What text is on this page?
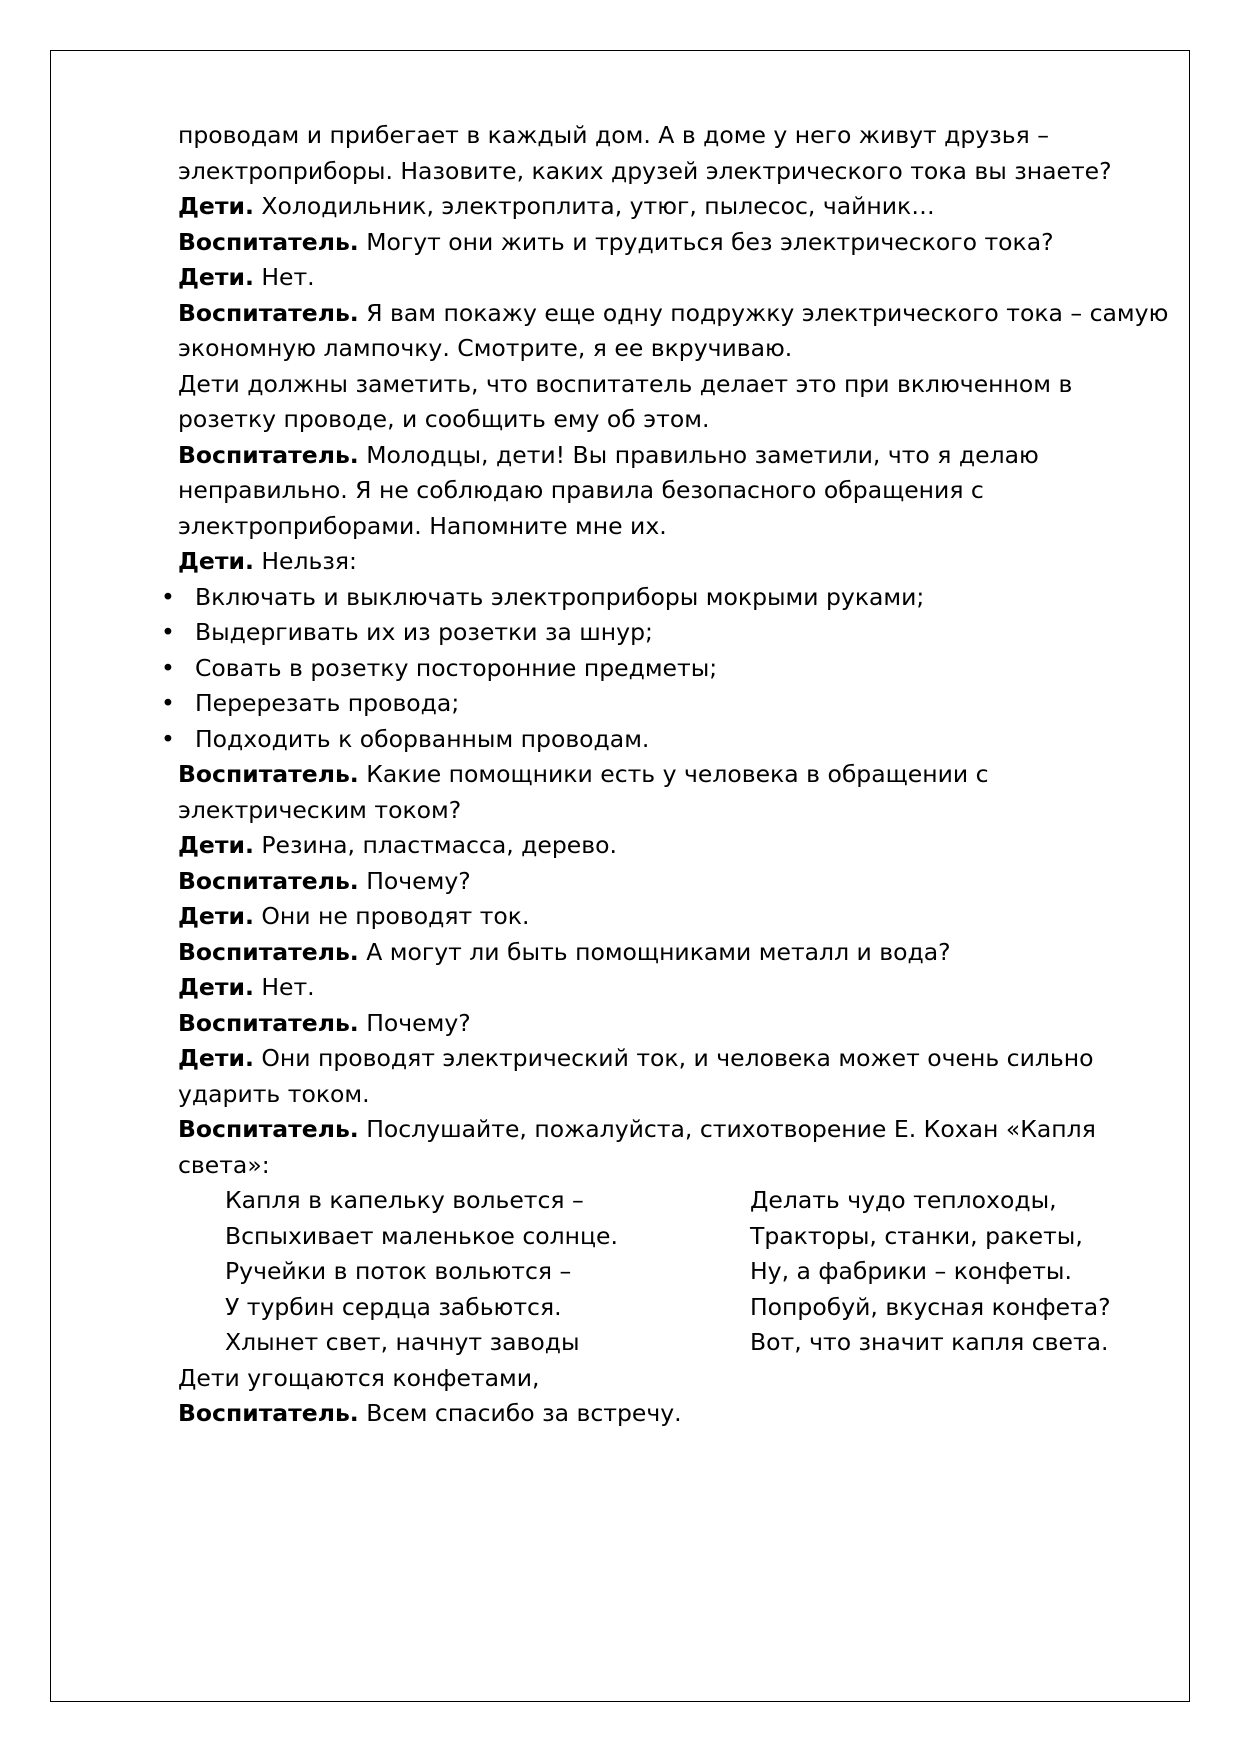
проводам и прибегает в каждый дом. А в доме у него живут друзья –
электроприборы. Назовите, каких друзей электрического тока вы знаете?
Дети. Холодильник, электроплита, утюг, пылесос, чайник…
Воспитатель. Могут они жить и трудиться без электрического тока?
Дети. Нет.
Воспитатель. Я вам покажу еще одну подружку электрического тока – самую
экономную лампочку. Смотрите, я ее вкручиваю.
Дети должны заметить, что воспитатель делает это при включенном в
розетку проводе, и сообщить ему об этом.
Воспитатель. Молодцы, дети! Вы правильно заметили, что я делаю
неправильно. Я не соблюдаю правила безопасного обращения с
электроприборами. Напомните мне их.
Дети. Нельзя:
• Включать и выключать электроприборы мокрыми руками;
• Выдергивать их из розетки за шнур;
• Совать в розетку посторонние предметы;
• Перерезать провода;
• Подходить к оборванным проводам.
Воспитатель. Какие помощники есть у человека в обращении с
электрическим током?
Дети. Резина, пластмасса, дерево.
Воспитатель. Почему?
Дети. Они не проводят ток.
Воспитатель. А могут ли быть помощниками металл и вода?
Дети. Нет.
Воспитатель. Почему?
Дети. Они проводят электрический ток, и человека может очень сильно
ударить током.
Воспитатель. Послушайте, пожалуйста, стихотворение Е. Кохан «Капля
света»:
Капля в капельку вольется –
Вспыхивает маленькое солнце.
Ручейки в поток вольются –
У турбин сердца забьются.
Хлынет свет, начнут заводы
Делать чудо теплоходы,
Тракторы, станки, ракеты,
Ну, а фабрики – конфеты.
Попробуй, вкусная конфета?
Вот, что значит капля света.
Дети угощаются конфетами,
Воспитатель. Всем спасибо за встречу.
